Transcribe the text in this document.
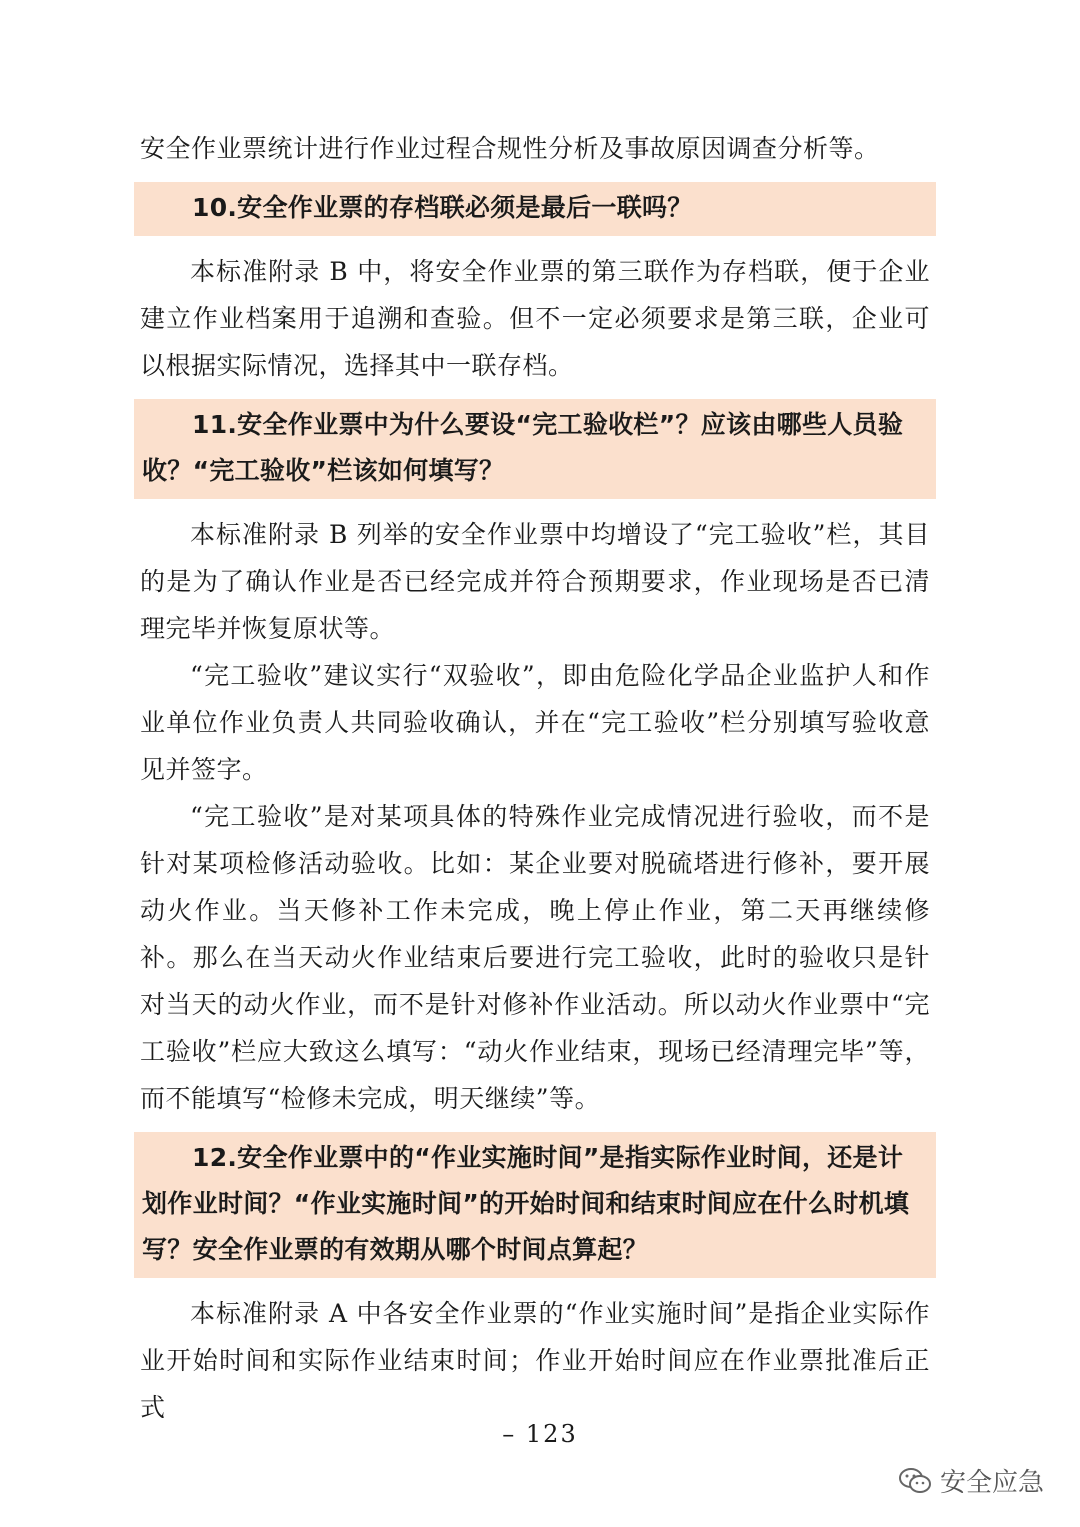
安全作业票统计进行作业过程合规性分析及事故原因调查分析等。

10.安全作业票的存档联必须是最后一联吗？

本标准附录 B 中，将安全作业票的第三联作为存档联，便于企业建立作业档案用于追溯和查验。但不一定必须要求是第三联，企业可以根据实际情况，选择其中一联存档。

11.安全作业票中为什么要设“完工验收栏”？应该由哪些人员验收？“完工验收”栏该如何填写？

本标准附录 B 列举的安全作业票中均增设了“完工验收”栏，其目的是为了确认作业是否已经完成并符合预期要求，作业现场是否已清理完毕并恢复原状等。

“完工验收”建议实行“双验收”，即由危险化学品企业监护人和作业单位作业负责人共同验收确认，并在“完工验收”栏分别填写验收意见并签字。

“完工验收”是对某项具体的特殊作业完成情况进行验收，而不是针对某项检修活动验收。比如：某企业要对脱硫塔进行修补，要开展动火作业。当天修补工作未完成，晚上停止作业，第二天再继续修补。那么在当天动火作业结束后要进行完工验收，此时的验收只是针对当天的动火作业，而不是针对修补作业活动。所以动火作业票中“完工验收”栏应大致这么填写：“动火作业结束，现场已经清理完毕”等，而不能填写“检修未完成，明天继续”等。

12.安全作业票中的“作业实施时间”是指实际作业时间，还是计划作业时间？“作业实施时间”的开始时间和结束时间应在什么时机填写？安全作业票的有效期从哪个时间点算起？

本标准附录 A 中各安全作业票的“作业实施时间”是指企业实际作业开始时间和实际作业结束时间；作业开始时间应在作业票批准后正式

– 123
安全应急
